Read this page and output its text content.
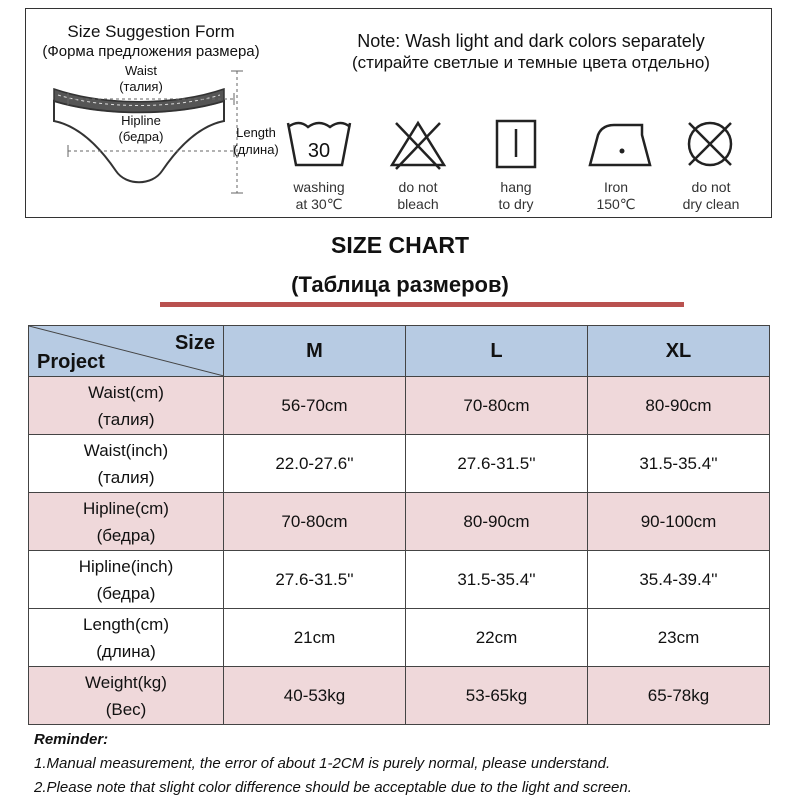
Size Suggestion Form
(Форма предложения размера)
Waist
(талия)
Hipline
(бедра)	Length
(длина)
Note: Wash light and dark colors separately
(стирайте светлые и темные цвета отдельно)
30
washing
at 30℃
do not
bleach
hang
to dry
Iron
150℃
do not
dry clean
SIZE CHART
(Таблица размеров)
Size
Project	M	L	XL

Waist(cm)
(талия)	56-70cm	70-80cm	80-90cm

Waist(inch)
(талия)	22.0-27.6''	27.6-31.5''	31.5-35.4''

Hipline(cm)
(бедра)	70-80cm	80-90cm	90-100cm

Hipline(inch)
(бедра)	27.6-31.5''	31.5-35.4''	35.4-39.4''

Length(cm)
(длина)	21cm	22cm	23cm

Weight(kg)
(Вес)	40-53kg	53-65kg	65-78kg
Reminder:
1.Manual measurement, the error of about 1-2CM is purely normal, please understand.
2.Please note that slight color difference should be acceptable due to the light and screen.
